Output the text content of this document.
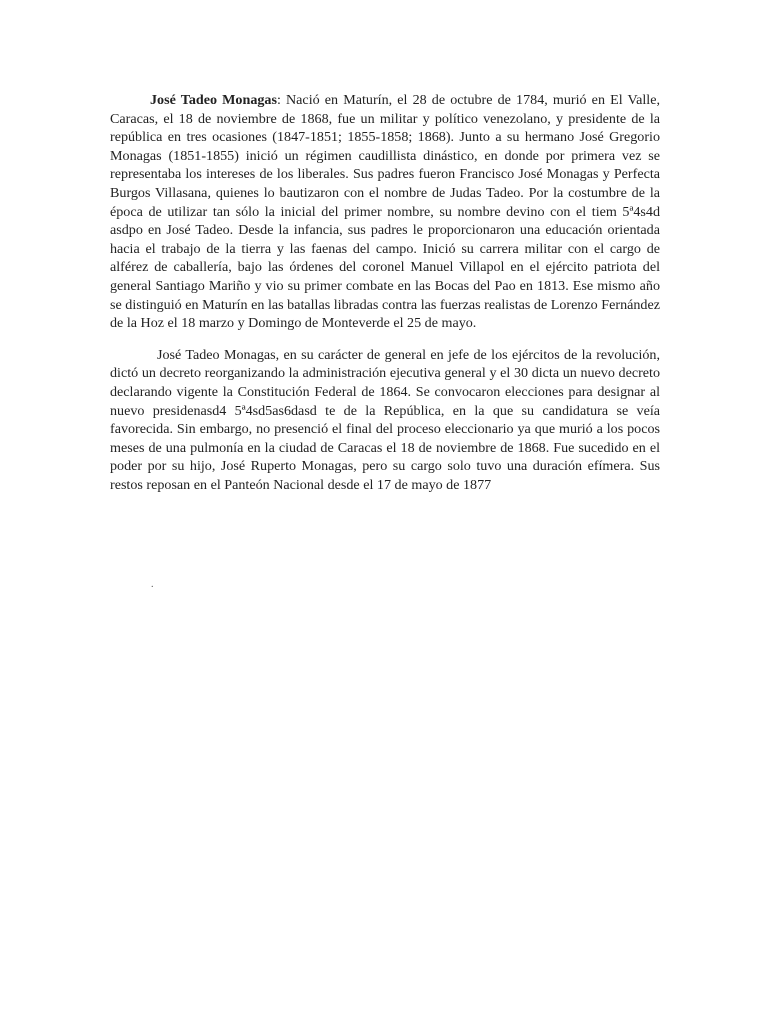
José Tadeo Monagas: Nació en Maturín, el 28 de octubre de 1784, murió en El Valle, Caracas, el 18 de noviembre de 1868, fue un militar y político venezolano, y presidente de la república en tres ocasiones (1847-1851; 1855-1858; 1868). Junto a su hermano José Gregorio Monagas (1851-1855) inició un régimen caudillista dinástico, en donde por primera vez se representaba los intereses de los liberales. Sus padres fueron Francisco José Monagas y Perfecta Burgos Villasana, quienes lo bautizaron con el nombre de Judas Tadeo. Por la costumbre de la época de utilizar tan sólo la inicial del primer nombre, su nombre devino con el tiem 5ª4s4d asdpo en José Tadeo. Desde la infancia, sus padres le proporcionaron una educación orientada hacia el trabajo de la tierra y las faenas del campo. Inició su carrera militar con el cargo de alférez de caballería, bajo las órdenes del coronel Manuel Villapol en el ejército patriota del general Santiago Mariño y vio su primer combate en las Bocas del Pao en 1813. Ese mismo año se distinguió en Maturín en las batallas libradas contra las fuerzas realistas de Lorenzo Fernández de la Hoz el 18 marzo y Domingo de Monteverde el 25 de mayo.

José Tadeo Monagas, en su carácter de general en jefe de los ejércitos de la revolución, dictó un decreto reorganizando la administración ejecutiva general y el 30 dicta un nuevo decreto declarando vigente la Constitución Federal de 1864. Se convocaron elecciones para designar al nuevo presidenasd4 5ª4sd5as6dasd te de la República, en la que su candidatura se veía favorecida. Sin embargo, no presenció el final del proceso eleccionario ya que murió a los pocos meses de una pulmonía en la ciudad de Caracas el 18 de noviembre de 1868. Fue sucedido en el poder por su hijo, José Ruperto Monagas, pero su cargo solo tuvo una duración efímera. Sus restos reposan en el Panteón Nacional desde el 17 de mayo de 1877

.
